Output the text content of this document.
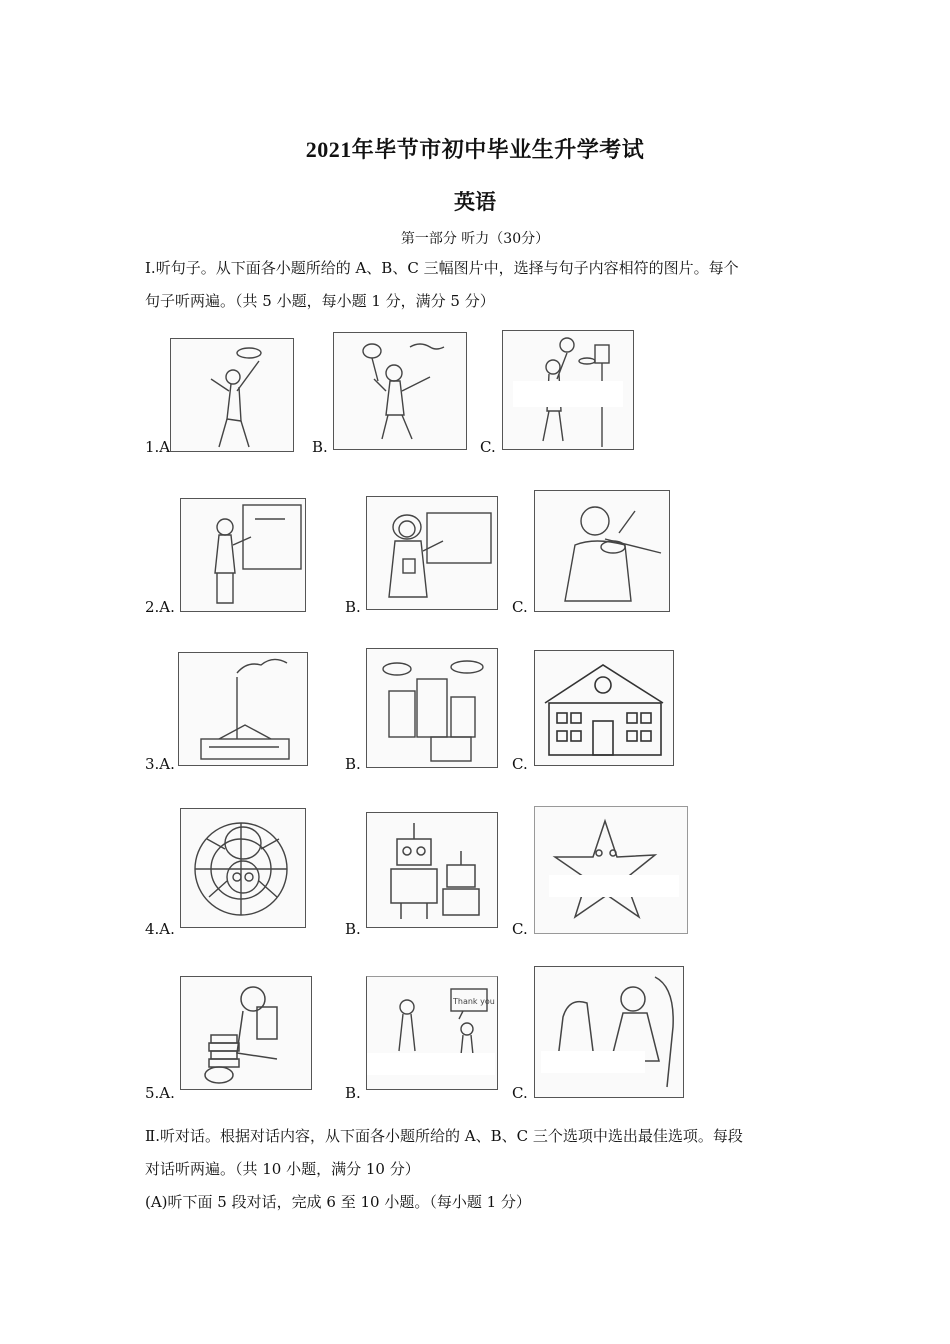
2021年毕节市初中毕业生升学考试
英语
第一部分 听力（30分）
Ⅰ.听句子。从下面各小题所给的 A、B、C 三幅图片中，选择与句子内容相符的图片。每个
句子听两遍。（共 5 小题，每小题 1 分，满分 5 分）
1.A	B.	C.
2.A.	B.	C.
3.A.	B.	C.
4.A.	B.	C.
5.A.	B.
Thank you
C.
Ⅱ.听对话。根据对话内容，从下面各小题所给的 A、B、C 三个选项中选出最佳选项。每段
对话听两遍。（共 10 小题，满分 10 分）
(A)听下面 5 段对话，完成 6 至 10 小题。（每小题 1 分）
